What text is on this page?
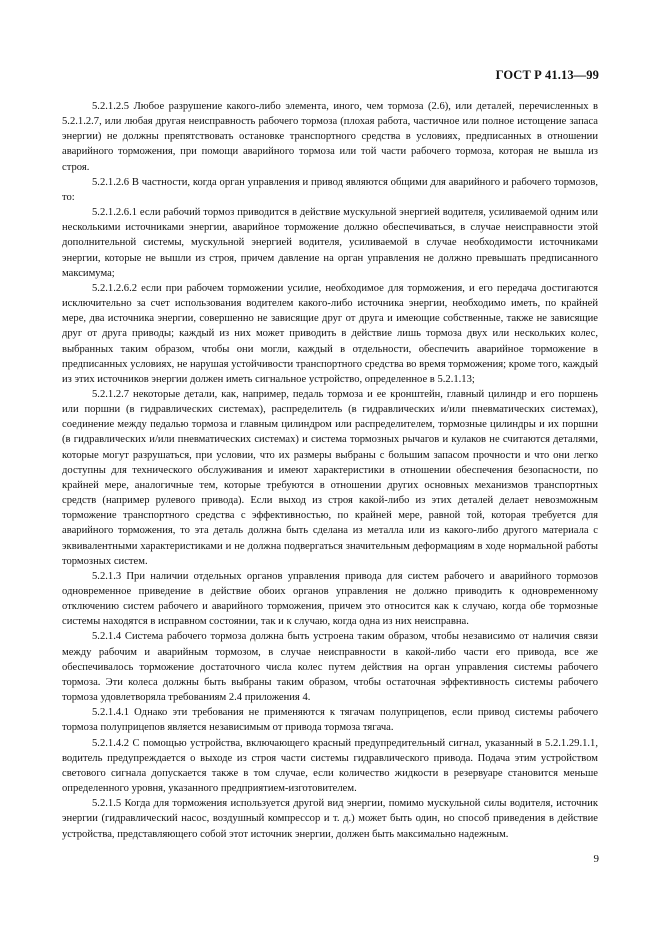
ГОСТ Р 41.13—99

5.2.1.2.5 Любое разрушение какого-либо элемента, иного, чем тормоза (2.6), или деталей, перечисленных в 5.2.1.2.7, или любая другая неисправность рабочего тормоза (плохая работа, частичное или полное истощение запаса энергии) не должны препятствовать остановке транспортного средства в условиях, предписанных в отношении аварийного торможения, при помощи аварийного тормоза или той части рабочего тормоза, которая не вышла из строя.

5.2.1.2.6 В частности, когда орган управления и привод являются общими для аварийного и рабочего тормозов, то:

5.2.1.2.6.1 если рабочий тормоз приводится в действие мускульной энергией водителя, усиливаемой одним или несколькими источниками энергии, аварийное торможение должно обеспечиваться, в случае неисправности этой дополнительной системы, мускульной энергией водителя, усиливаемой в случае необходимости источниками энергии, которые не вышли из строя, причем давление на орган управления не должно превышать предписанного максимума;

5.2.1.2.6.2 если при рабочем торможении усилие, необходимое для торможения, и его передача достигаются исключительно за счет использования водителем какого-либо источника энергии, необходимо иметь, по крайней мере, два источника энергии, совершенно не зависящие друг от друга и имеющие собственные, также не зависящие друг от друга приводы; каждый из них может приводить в действие лишь тормоза двух или нескольких колес, выбранных таким образом, чтобы они могли, каждый в отдельности, обеспечить аварийное торможение в предписанных условиях, не нарушая устойчивости транспортного средства во время торможения; кроме того, каждый из этих источников энергии должен иметь сигнальное устройство, определенное в 5.2.1.13;

5.2.1.2.7 некоторые детали, как, например, педаль тормоза и ее кронштейн, главный цилиндр и его поршень или поршни (в гидравлических системах), распределитель (в гидравлических и/или пневматических системах), соединение между педалью тормоза и главным цилиндром или распределителем, тормозные цилиндры и их поршни (в гидравлических и/или пневматических системах) и система тормозных рычагов и кулаков не считаются деталями, которые могут разрушаться, при условии, что их размеры выбраны с большим запасом прочности и что они легко доступны для технического обслуживания и имеют характеристики в отношении обеспечения безопасности, по крайней мере, аналогичные тем, которые требуются в отношении других основных механизмов транспортных средств (например рулевого привода). Если выход из строя какой-либо из этих деталей делает невозможным торможение транспортного средства с эффективностью, по крайней мере, равной той, которая требуется для аварийного торможения, то эта деталь должна быть сделана из металла или из какого-либо другого материала с эквивалентными характеристиками и не должна подвергаться значительным деформациям в ходе нормальной работы тормозных систем.

5.2.1.3 При наличии отдельных органов управления привода для систем рабочего и аварийного тормозов одновременное приведение в действие обоих органов управления не должно приводить к одновременному отключению систем рабочего и аварийного торможения, причем это относится как к случаю, когда обе тормозные системы находятся в исправном состоянии, так и к случаю, когда одна из них неисправна.

5.2.1.4 Система рабочего тормоза должна быть устроена таким образом, чтобы независимо от наличия связи между рабочим и аварийным тормозом, в случае неисправности в какой-либо части его привода, все же обеспечивалось торможение достаточного числа колес путем действия на орган управления системы рабочего тормоза. Эти колеса должны быть выбраны таким образом, чтобы остаточная эффективность системы рабочего тормоза удовлетворяла требованиям 2.4 приложения 4.

5.2.1.4.1 Однако эти требования не применяются к тягачам полуприцепов, если привод системы рабочего тормоза полуприцепов является независимым от привода тормоза тягача.

5.2.1.4.2 С помощью устройства, включающего красный предупредительный сигнал, указанный в 5.2.1.29.1.1, водитель предупреждается о выходе из строя части системы гидравлического привода. Подача этим устройством светового сигнала допускается также в том случае, если количество жидкости в резервуаре становится меньше определенного уровня, указанного предприятием-изготовителем.

5.2.1.5 Когда для торможения используется другой вид энергии, помимо мускульной силы водителя, источник энергии (гидравлический насос, воздушный компрессор и т. д.) может быть один, но способ приведения в действие устройства, представляющего собой этот источник энергии, должен быть максимально надежным.

9
